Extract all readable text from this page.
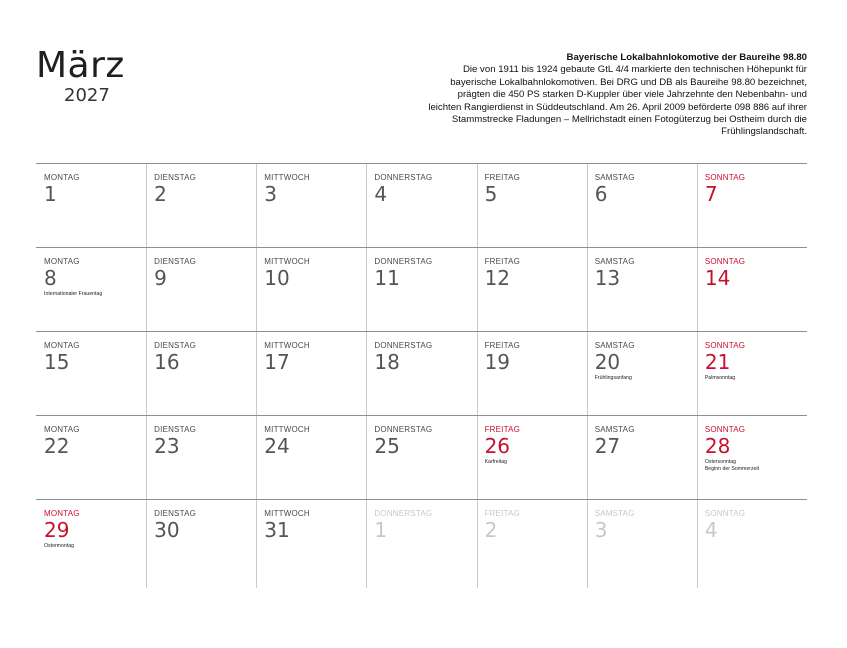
März
2027
Bayerische Lokalbahnlokomotive der Baureihe 98.80
Die von 1911 bis 1924 gebaute GtL 4/4 markierte den technischen Höhepunkt für bayerische Lokalbahnlokomotiven. Bei DRG und DB als Baureihe 98.80 bezeichnet, prägten die 450 PS starken D-Kuppler über viele Jahrzehnte den Nebenbahn- und leichten Rangierdienst in Süddeutschland. Am 26. April 2009 beförderte 098 886 auf ihrer Stammstrecke Fladungen – Mellrichstadt einen Fotogüterzug bei Ostheim durch die Frühlingslandschaft.
MONTAG
1
DIENSTAG
2
MITTWOCH
3
DONNERSTAG
4
FREITAG
5
SAMSTAG
6
SONNTAG
7
MONTAG
8
Internationaler Frauentag
DIENSTAG
9
MITTWOCH
10
DONNERSTAG
11
FREITAG
12
SAMSTAG
13
SONNTAG
14
MONTAG
15
DIENSTAG
16
MITTWOCH
17
DONNERSTAG
18
FREITAG
19
SAMSTAG
20
Frühlingsanfang
SONNTAG
21
Palmsonntag
MONTAG
22
DIENSTAG
23
MITTWOCH
24
DONNERSTAG
25
FREITAG
26
Karfreitag
SAMSTAG
27
SONNTAG
28
Ostersonntag
Beginn der Sommerzeit
MONTAG
29
Ostermontag
DIENSTAG
30
MITTWOCH
31
DONNERSTAG
1
FREITAG
2
SAMSTAG
3
SONNTAG
4
